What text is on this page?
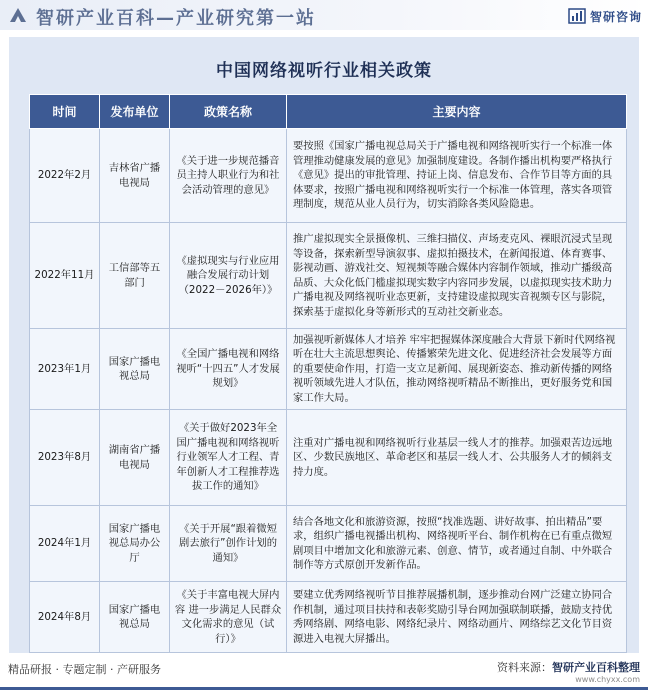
智研产业百科—产业研究第一站	智研咨询
中国网络视听行业相关政策
时间	发布单位	政策名称	主要内容
2022年2月	吉林省广播电视局	《关于进一步规范播音员主持人职业行为和社会活动管理的意见》	要按照《国家广播电视总局关于广播电视和网络视听实行一个标准一体管理推动健康发展的意见》加强制度建设。各制作播出机构要严格执行《意见》提出的审批管理、持证上岗、信息发布、合作节目等方面的具体要求，按照广播电视和网络视听实行一个标准一体管理，落实各项管理制度，规范从业人员行为，切实消除各类风险隐患。
2022年11月	工信部等五部门	《虚拟现实与行业应用融合发展行动计划（2022－2026年）》	推广虚拟现实全景摄像机、三维扫描仪、声场麦克风、裸眼沉浸式呈现等设备，探索新型导演叙事、虚拟拍摄技术，在新闻报道、体育赛事、影视动画、游戏社交、短视频等融合媒体内容制作领域，推动广播级高品质、大众化低门槛虚拟现实数字内容同步发展，以虚拟现实技术助力广播电视及网络视听业态更新，支持建设虚拟现实音视频专区与影院，探索基于虚拟化身等新形式的互动社交新业态。
2023年1月	国家广播电视总局	《全国广播电视和网络视听“十四五”人才发展规划》	加强视听新媒体人才培养 牢牢把握媒体深度融合大背景下新时代网络视听在壮大主流思想舆论、传播繁荣先进文化、促进经济社会发展等方面的重要使命作用，打造一支立足新闻、展现新姿态、推动新传播的网络视听领域先进人才队伍，推动网络视听精品不断推出，更好服务党和国家工作大局。
2023年8月	湖南省广播电视局	《关于做好2023年全国广播电视和网络视听行业领军人才工程、青年创新人才工程推荐选拔工作的通知》	注重对广播电视和网络视听行业基层一线人才的推荐。加强艰苦边远地区、少数民族地区、革命老区和基层一线人才、公共服务人才的倾斜支持力度。
2024年1月	国家广播电视总局办公厅	《关于开展“跟着微短剧去旅行”创作计划的通知》	结合各地文化和旅游资源，按照“找准选题、讲好故事、拍出精品”要求，组织广播电视播出机构、网络视听平台、制作机构在已有重点微短剧项目中增加文化和旅游元素、创意、情节，或者通过自制、中外联合制作等方式原创开发新作品。
2024年8月	国家广播电视总局	《关于丰富电视大屏内容 进一步满足人民群众文化需求的意见（试行）》	要建立优秀网络视听节目推荐展播机制，逐步推动台网广泛建立协同合作机制，通过项目扶持和表彰奖励引导台网加强联制联播，鼓励支持优秀网络剧、网络电影、网络纪录片、网络动画片、网络综艺文化节目资源进入电视大屏播出。
精品研报 · 专题定制 · 产研服务	资料来源：智研产业百科整理
www.chyxx.com
